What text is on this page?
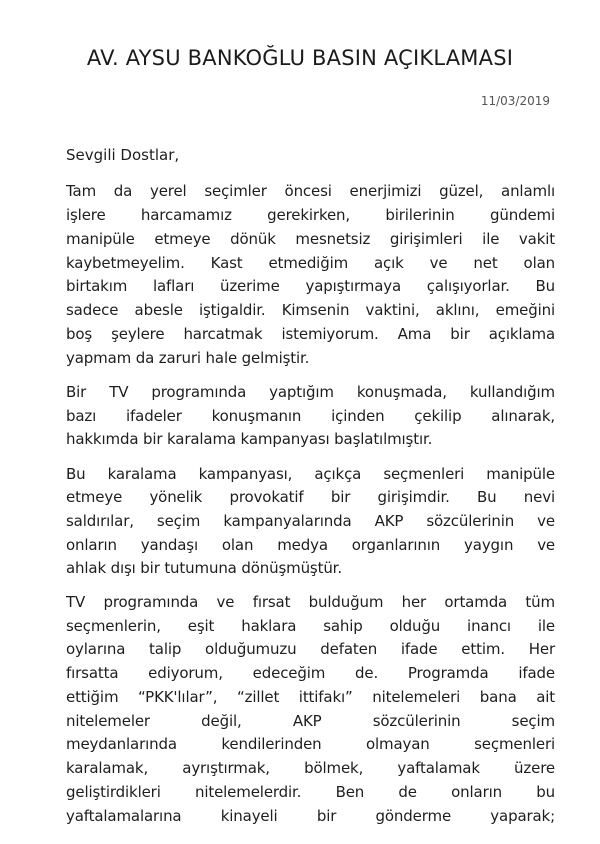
AV. AYSU BANKOĞLU BASIN AÇIKLAMASI
11/03/2019
Sevgili Dostlar,
Tam da yerel seçimler öncesi enerjimizi güzel, anlamlı
işlere harcamamız gerekirken, birilerinin gündemi
manipüle etmeye dönük mesnetsiz girişimleri ile vakit
kaybetmeyelim. Kast etmediğim açık ve net olan
birtakım lafları üzerime yapıştırmaya çalışıyorlar. Bu
sadece abesle iştigaldir. Kimsenin vaktini, aklını, emeğini
boş şeylere harcatmak istemiyorum. Ama bir açıklama
yapmam da zaruri hale gelmiştir.
Bir TV programında yaptığım konuşmada, kullandığım
bazı ifadeler konuşmanın içinden çekilip alınarak,
hakkımda bir karalama kampanyası başlatılmıştır.
Bu karalama kampanyası, açıkça seçmenleri manipüle
etmeye yönelik provokatif bir girişimdir. Bu nevi
saldırılar, seçim kampanyalarında AKP sözcülerinin ve
onların yandaşı olan medya organlarının yaygın ve
ahlak dışı bir tutumuna dönüşmüştür.
TV programında ve fırsat bulduğum her ortamda tüm
seçmenlerin, eşit haklara sahip olduğu inancı ile
oylarına talip olduğumuzu defaten ifade ettim. Her
fırsatta ediyorum, edeceğim de. Programda ifade
ettiğim “PKK'lılar”, “zillet ittifakı” nitelemeleri bana ait
nitelemeler değil, AKP sözcülerinin seçim
meydanlarında kendilerinden olmayan seçmenleri
karalamak, ayrıştırmak, bölmek, yaftalamak üzere
geliştirdikleri nitelemelerdir. Ben de onların bu
yaftalamalarına kinayeli bir gönderme yaparak;
